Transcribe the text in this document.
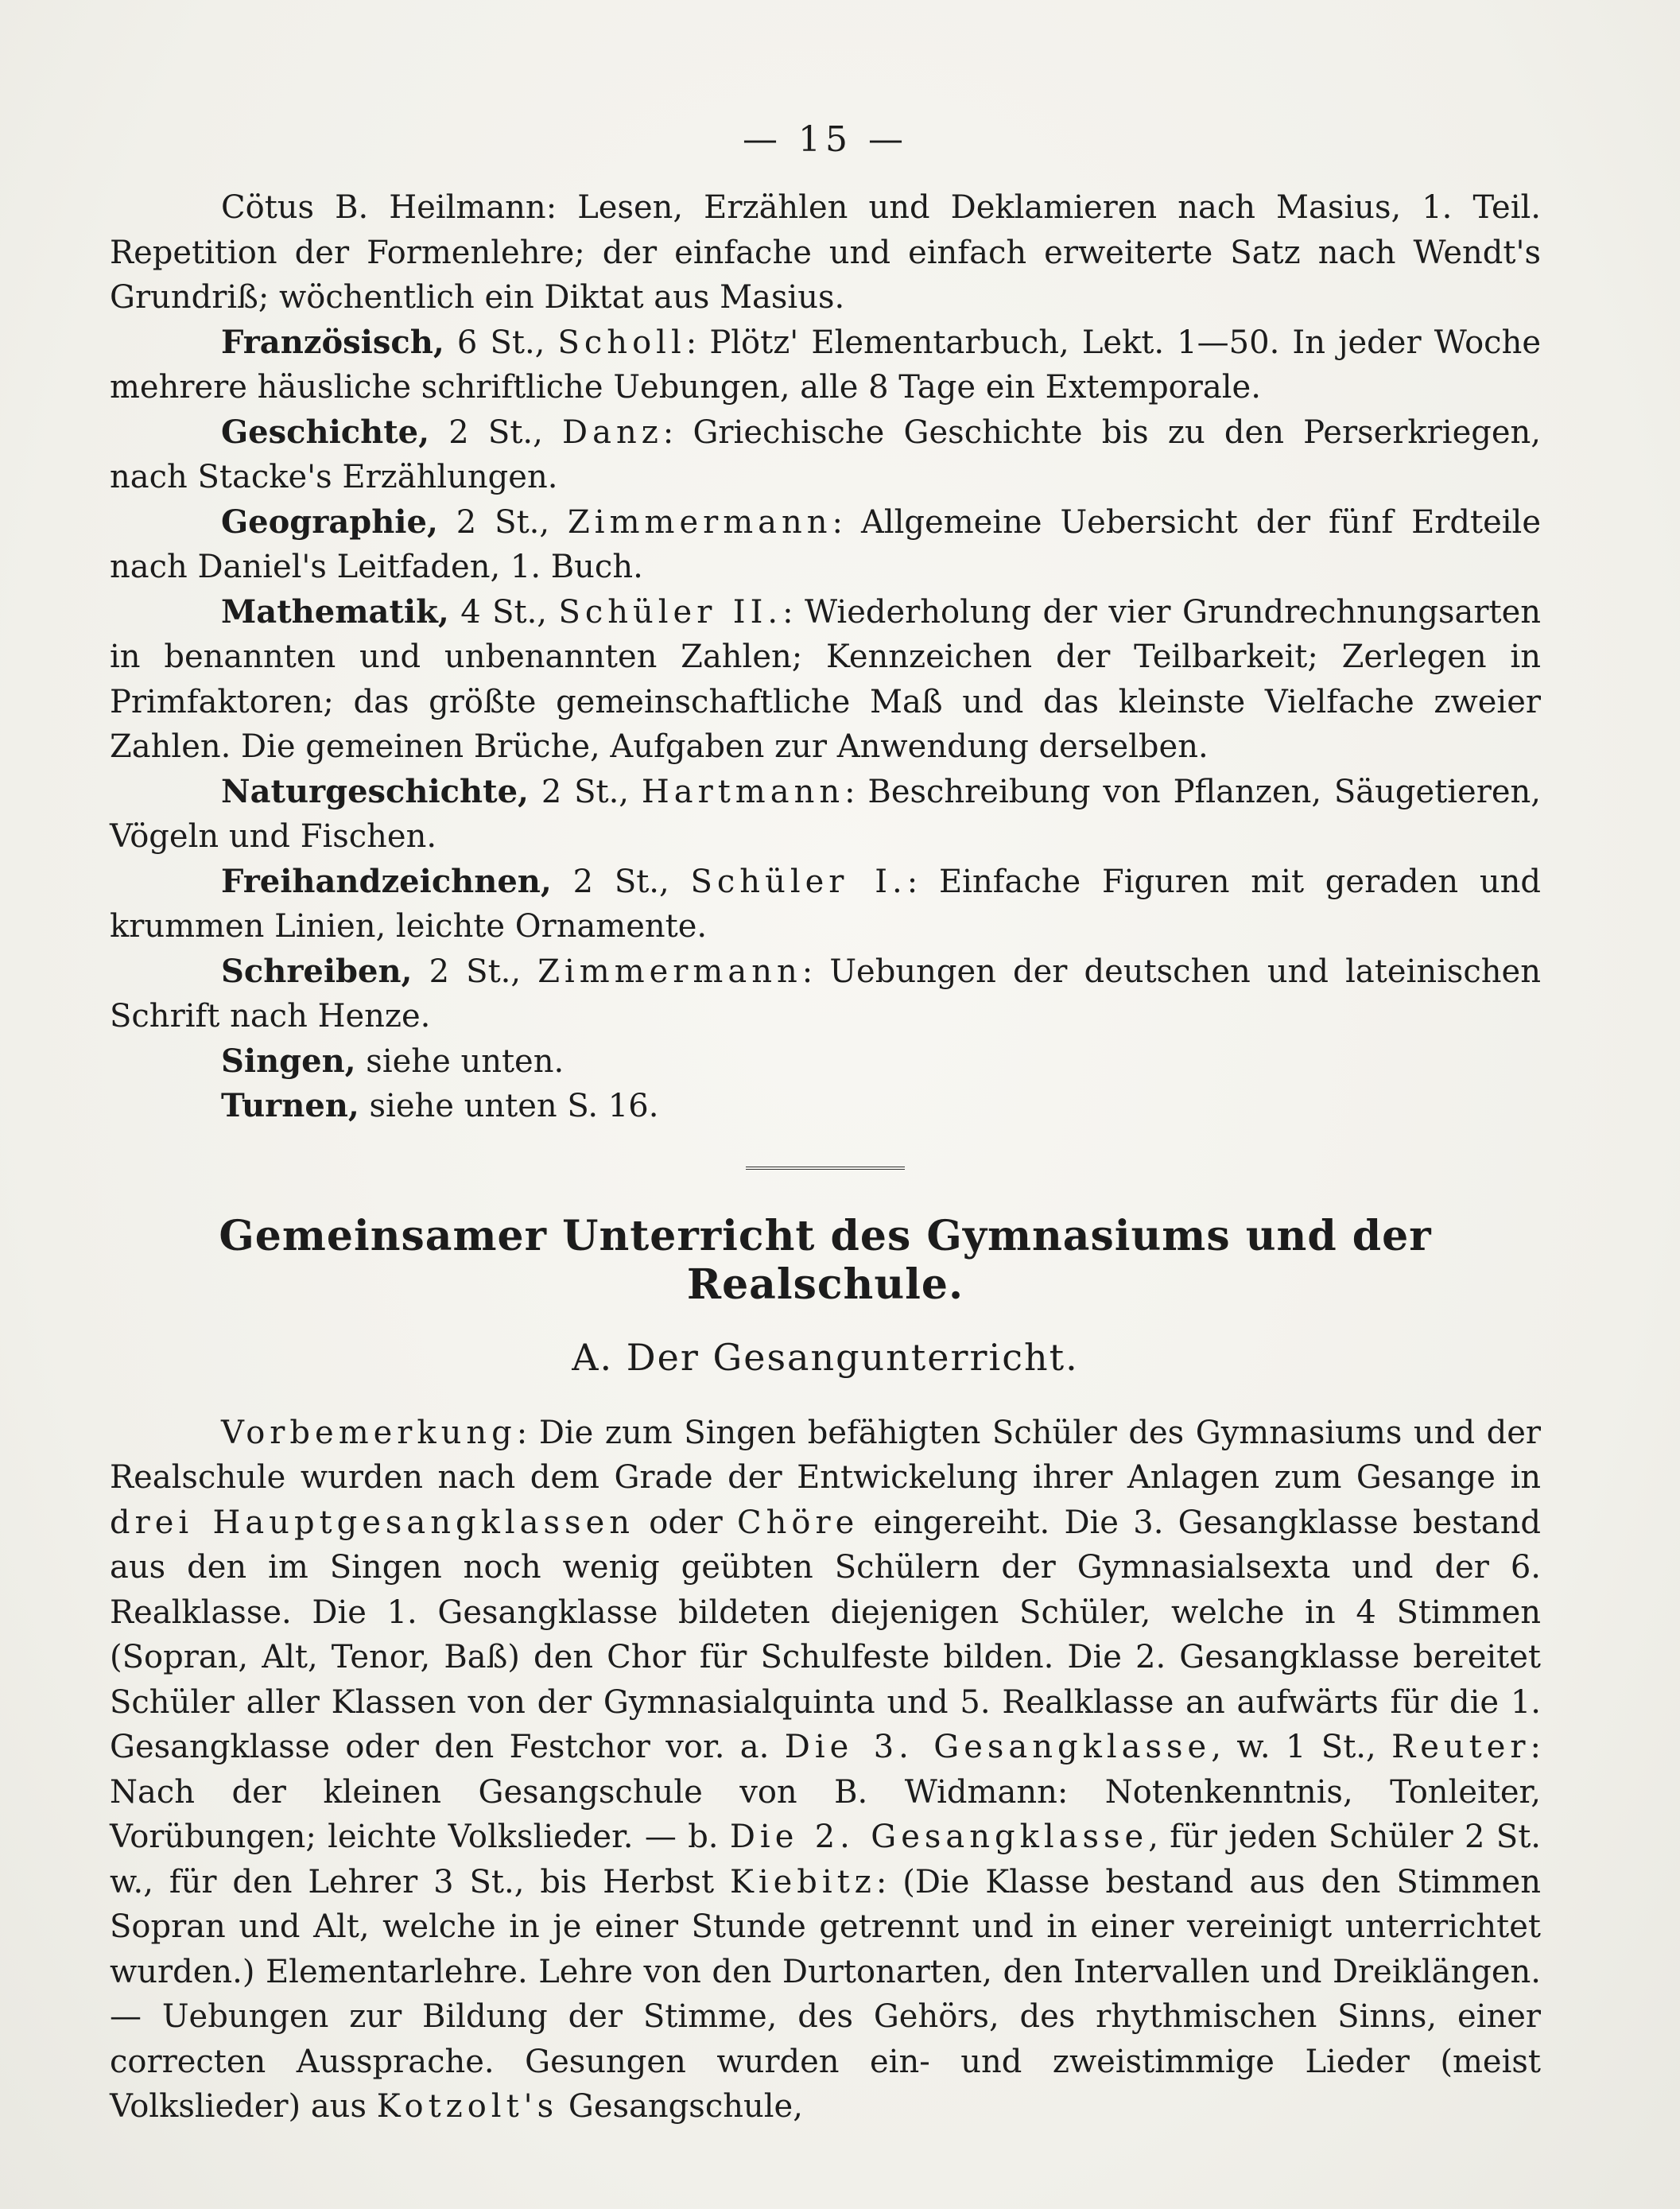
— 15 —

Cötus B. Heilmann: Lesen, Erzählen und Deklamieren nach Masius, 1. Teil. Repetition der Formenlehre; der einfache und einfach erweiterte Satz nach Wendt's Grundriß; wöchentlich ein Diktat aus Masius.

Französisch, 6 St., Scholl: Plötz' Elementarbuch, Lekt. 1—50. In jeder Woche mehrere häusliche schriftliche Uebungen, alle 8 Tage ein Extemporale.

Geschichte, 2 St., Danz: Griechische Geschichte bis zu den Perserkriegen, nach Stacke's Erzählungen.

Geographie, 2 St., Zimmermann: Allgemeine Uebersicht der fünf Erdteile nach Daniel's Leitfaden, 1. Buch.

Mathematik, 4 St., Schüler II.: Wiederholung der vier Grundrechnungsarten in benannten und unbenannten Zahlen; Kennzeichen der Teilbarkeit; Zerlegen in Primfaktoren; das größte gemeinschaftliche Maß und das kleinste Vielfache zweier Zahlen. Die gemeinen Brüche, Aufgaben zur Anwendung derselben.

Naturgeschichte, 2 St., Hartmann: Beschreibung von Pflanzen, Säugetieren, Vögeln und Fischen.

Freihandzeichnen, 2 St., Schüler I.: Einfache Figuren mit geraden und krummen Linien, leichte Ornamente.

Schreiben, 2 St., Zimmermann: Uebungen der deutschen und lateinischen Schrift nach Henze.

Singen, siehe unten.

Turnen, siehe unten S. 16.

Gemeinsamer Unterricht des Gymnasiums und der Realschule.
A. Der Gesangunterricht.

Vorbemerkung: Die zum Singen befähigten Schüler des Gymnasiums und der Realschule wurden nach dem Grade der Entwickelung ihrer Anlagen zum Gesange in drei Hauptgesangklassen oder Chöre eingereiht. Die 3. Gesangklasse bestand aus den im Singen noch wenig geübten Schülern der Gymnasialsexta und der 6. Realklasse. Die 1. Gesangklasse bildeten diejenigen Schüler, welche in 4 Stimmen (Sopran, Alt, Tenor, Baß) den Chor für Schulfeste bilden. Die 2. Gesangklasse bereitet Schüler aller Klassen von der Gymnasialquinta und 5. Realklasse an aufwärts für die 1. Gesangklasse oder den Festchor vor. a. Die 3. Gesangklasse, w. 1 St., Reuter: Nach der kleinen Gesangschule von B. Widmann: Notenkenntnis, Tonleiter, Vorübungen; leichte Volkslieder. — b. Die 2. Gesangklasse, für jeden Schüler 2 St. w., für den Lehrer 3 St., bis Herbst Kiebitz: (Die Klasse bestand aus den Stimmen Sopran und Alt, welche in je einer Stunde getrennt und in einer vereinigt unterrichtet wurden.) Elementarlehre. Lehre von den Durtonarten, den Intervallen und Dreiklängen. — Uebungen zur Bildung der Stimme, des Gehörs, des rhythmischen Sinns, einer correcten Aussprache. Gesungen wurden ein- und zweistimmige Lieder (meist Volkslieder) aus Kotzolt's Gesangschule,
